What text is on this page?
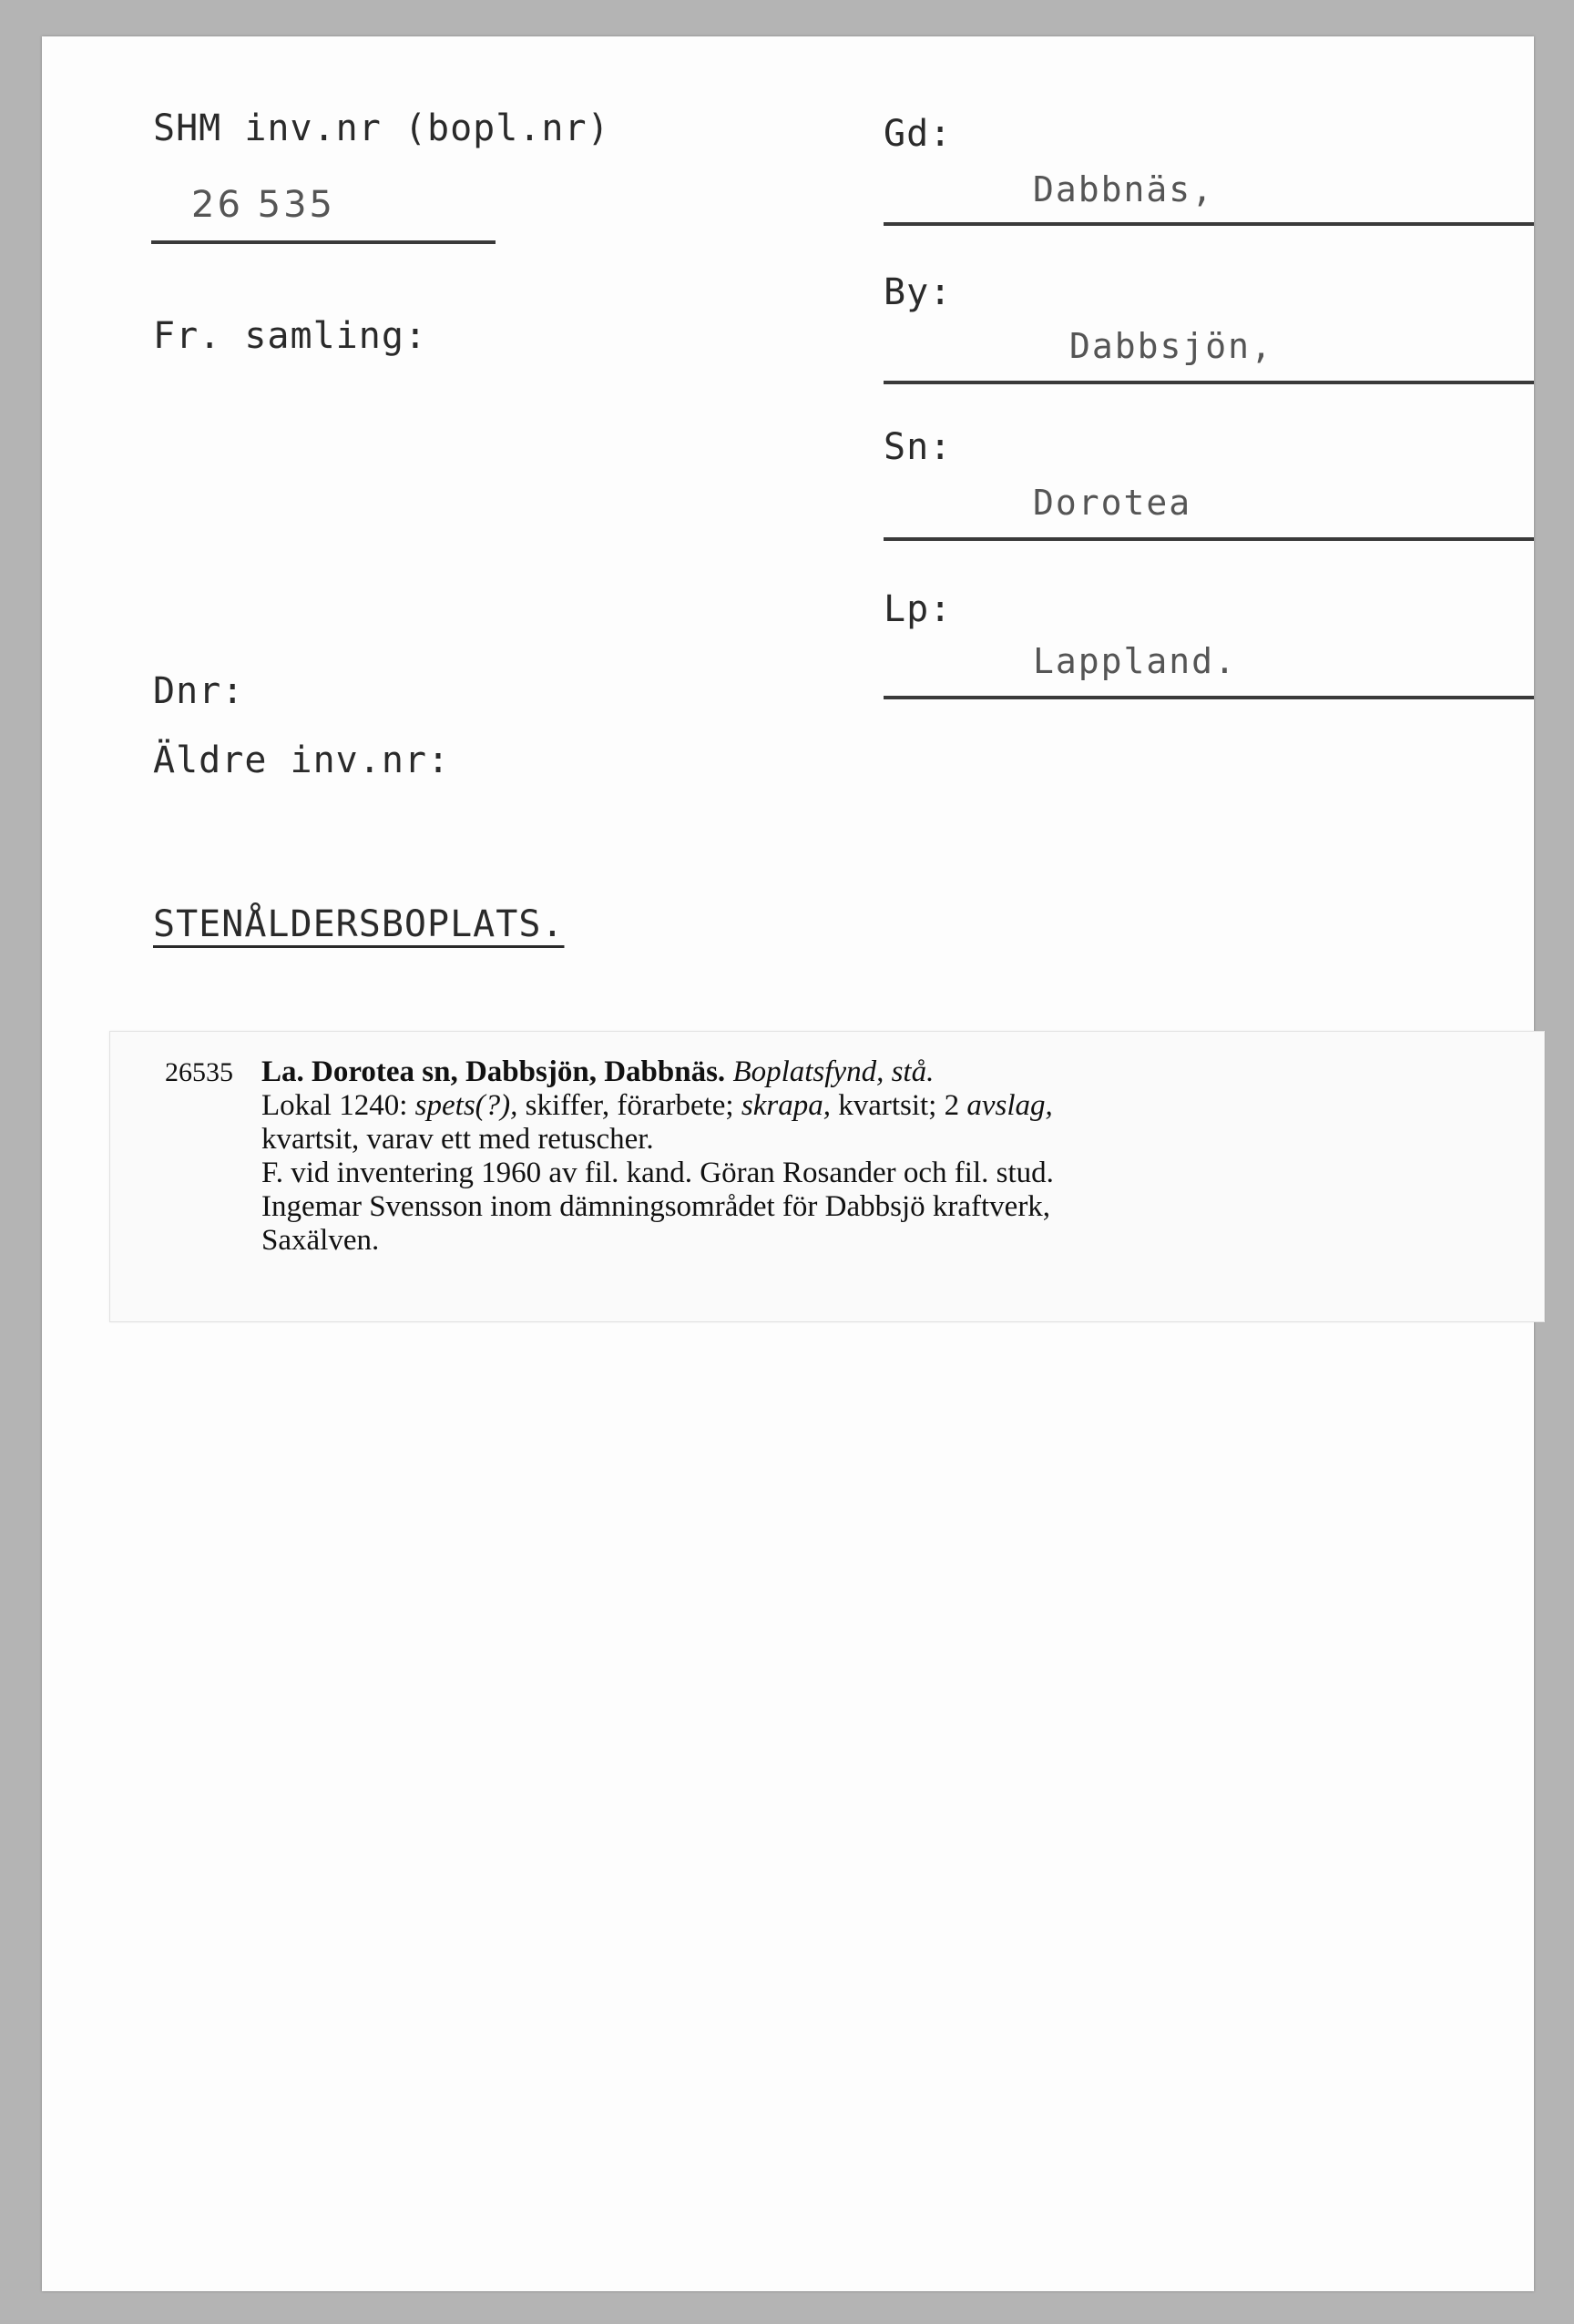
SHM inv.nr (bopl.nr)
26 535
Fr. samling:
Dnr:
Äldre inv.nr:
Gd:
Dabbnäs,
By:
Dabbsjön,
Sn:
Dorotea
Lp:
Lappland.
STENÅLDERSBOPLATS.
26535 La. Dorotea sn, Dabbsjön, Dabbnäs. Boplatsfynd, stå.
Lokal 1240: spets(?), skiffer, förarbete; skrapa, kvartsit; 2 avslag,
kvartsit, varav ett med retuscher.
F. vid inventering 1960 av fil. kand. Göran Rosander och fil. stud.
Ingemar Svensson inom dämningsområdet för Dabbsjö kraftverk,
Saxälven.
